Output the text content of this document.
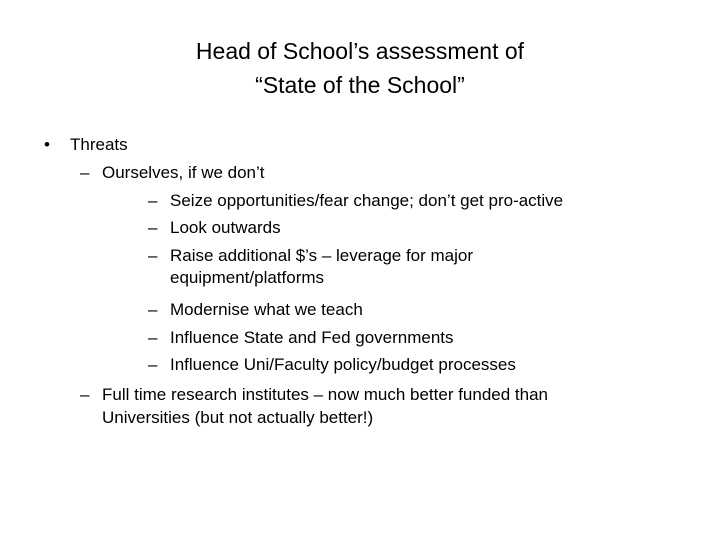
Head of School’s assessment of
“State of the School”
• Threats
– Ourselves, if we don’t
– Seize opportunities/fear change; don’t get pro-active
– Look outwards
– Raise additional $’s – leverage for major
equipment/platforms
– Modernise what we teach
– Influence State and Fed governments
– Influence Uni/Faculty policy/budget processes
– Full time research institutes – now much better funded than
Universities (but not actually better!)
